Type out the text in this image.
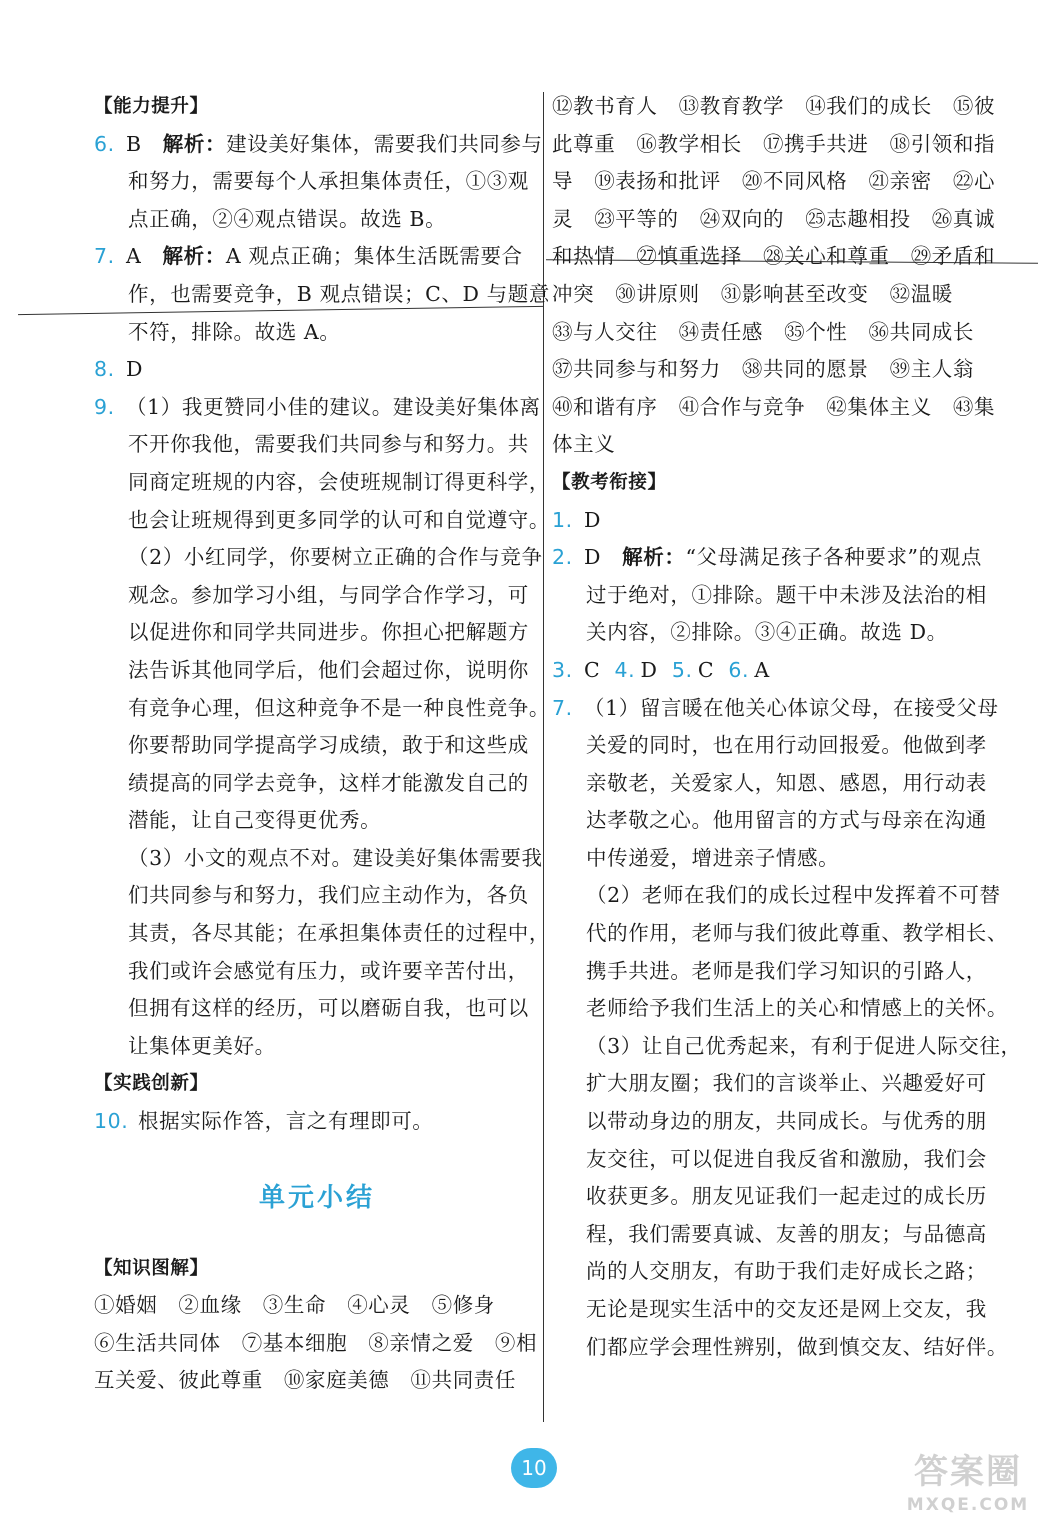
【能力提升】
6. B　 解析：建设美好集体，需要我们共同参与
和努力，需要每个人承担集体责任，①③观
点正确，②④观点错误。故选 B。
7. A　 解析：A 观点正确；集体生活既需要合
作，也需要竞争，B 观点错误；C、D 与题意
不符，排除。故选 A。
8. D
9. （1）我更赞同小佳的建议。建设美好集体离
不开你我他，需要我们共同参与和努力。共
同商定班规的内容，会使班规制订得更科学，
也会让班规得到更多同学的认可和自觉遵守。
（2）小红同学，你要树立正确的合作与竞争
观念。参加学习小组，与同学合作学习，可
以促进你和同学共同进步。你担心把解题方
法告诉其他同学后，他们会超过你，说明你
有竞争心理，但这种竞争不是一种良性竞争。
你要帮助同学提高学习成绩，敢于和这些成
绩提高的同学去竞争，这样才能激发自己的
潜能，让自己变得更优秀。
（3）小文的观点不对。建设美好集体需要我
们共同参与和努力，我们应主动作为，各负
其责，各尽其能；在承担集体责任的过程中，
我们或许会感觉有压力，或许要辛苦付出，
但拥有这样的经历，可以磨砺自我，也可以
让集体更美好。
【实践创新】
10. 根据实际作答，言之有理即可。
单元小结
【知识图解】
①婚姻　②血缘　③生命　④心灵　⑤修身
⑥生活共同体　⑦基本细胞　⑧亲情之爱　⑨相
互关爱、彼此尊重　⑩家庭美德　⑪共同责任
⑫教书育人　⑬教育教学　⑭我们的成长　⑮彼
此尊重　⑯教学相长　⑰携手共进　⑱引领和指
导　⑲表扬和批评　⑳不同风格　㉑亲密　㉒心
灵　㉓平等的　㉔双向的　㉕志趣相投　㉖真诚
和热情　㉗慎重选择　㉘关心和尊重　㉙矛盾和
冲突　㉚讲原则　㉛影响甚至改变　㉜温暖
㉝与人交往　㉞责任感　㉟个性　㊱共同成长
㊲共同参与和努力　㊳共同的愿景　㊴主人翁
㊵和谐有序　㊶合作与竞争　㊷集体主义　㊸集
体主义
【教考衔接】
1. D
2. D　 解析：“父母满足孩子各种要求”的观点
过于绝对，①排除。题干中未涉及法治的相
关内容，②排除。③④正确。故选 D。
3. C 4. D 5. C 6. A
7. （1）留言暖在他关心体谅父母，在接受父母
关爱的同时，也在用行动回报爱。他做到孝
亲敬老，关爱家人，知恩、感恩，用行动表
达孝敬之心。他用留言的方式与母亲在沟通
中传递爱，增进亲子情感。
（2）老师在我们的成长过程中发挥着不可替
代的作用，老师与我们彼此尊重、教学相长、
携手共进。老师是我们学习知识的引路人，
老师给予我们生活上的关心和情感上的关怀。
（3）让自己优秀起来，有利于促进人际交往，
扩大朋友圈；我们的言谈举止、兴趣爱好可
以带动身边的朋友，共同成长。与优秀的朋
友交往，可以促进自我反省和激励，我们会
收获更多。朋友见证我们一起走过的成长历
程，我们需要真诚、友善的朋友；与品德高
尚的人交朋友，有助于我们走好成长之路；
无论是现实生活中的交友还是网上交友，我
们都应学会理性辨别，做到慎交友、结好伴。
10	答案圈
MXQE.COM
